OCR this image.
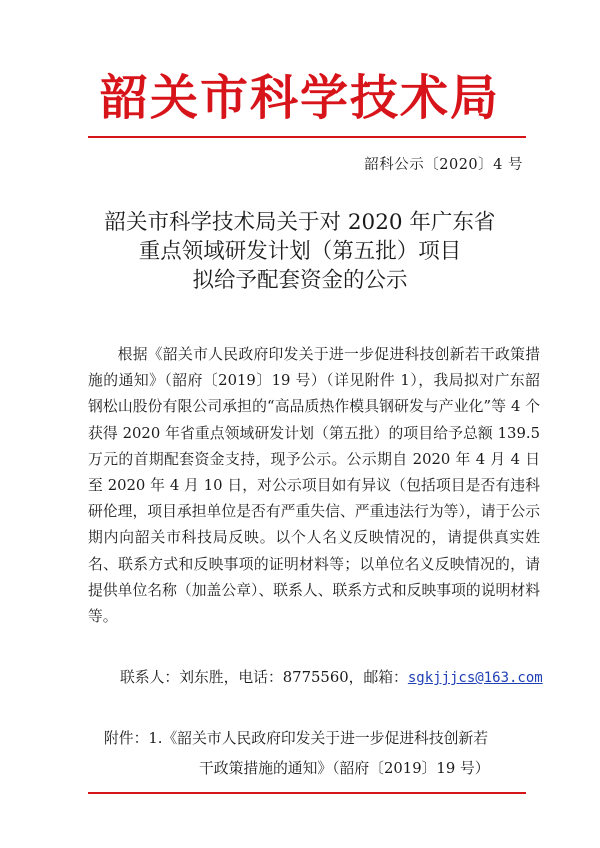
韶关市科学技术局
韶科公示〔2020〕4 号
韶关市科学技术局关于对 2020 年广东省
重点领域研发计划（第五批）项目
拟给予配套资金的公示

根据《韶关市人民政府印发关于进一步促进科技创新若干政策措施的通知》（韶府〔2019〕19 号）（详见附件 1），我局拟对广东韶钢松山股份有限公司承担的“高品质热作模具钢研发与产业化”等 4 个获得 2020 年省重点领域研发计划（第五批）的项目给予总额 139.5 万元的首期配套资金支持，现予公示。公示期自 2020 年 4 月 4 日至 2020 年 4 月 10 日，对公示项目如有异议（包括项目是否有违科研伦理，项目承担单位是否有严重失信、严重违法行为等），请于公示期内向韶关市科技局反映。以个人名义反映情况的，请提供真实姓名、联系方式和反映事项的证明材料等；以单位名义反映情况的，请提供单位名称（加盖公章）、联系人、联系方式和反映事项的说明材料等。

联系人：刘东胜，电话：8775560，邮箱：sgkjjjcs@163.com
附件：1.《韶关市人民政府印发关于进一步促进科技创新若
干政策措施的通知》（韶府〔2019〕19 号）
